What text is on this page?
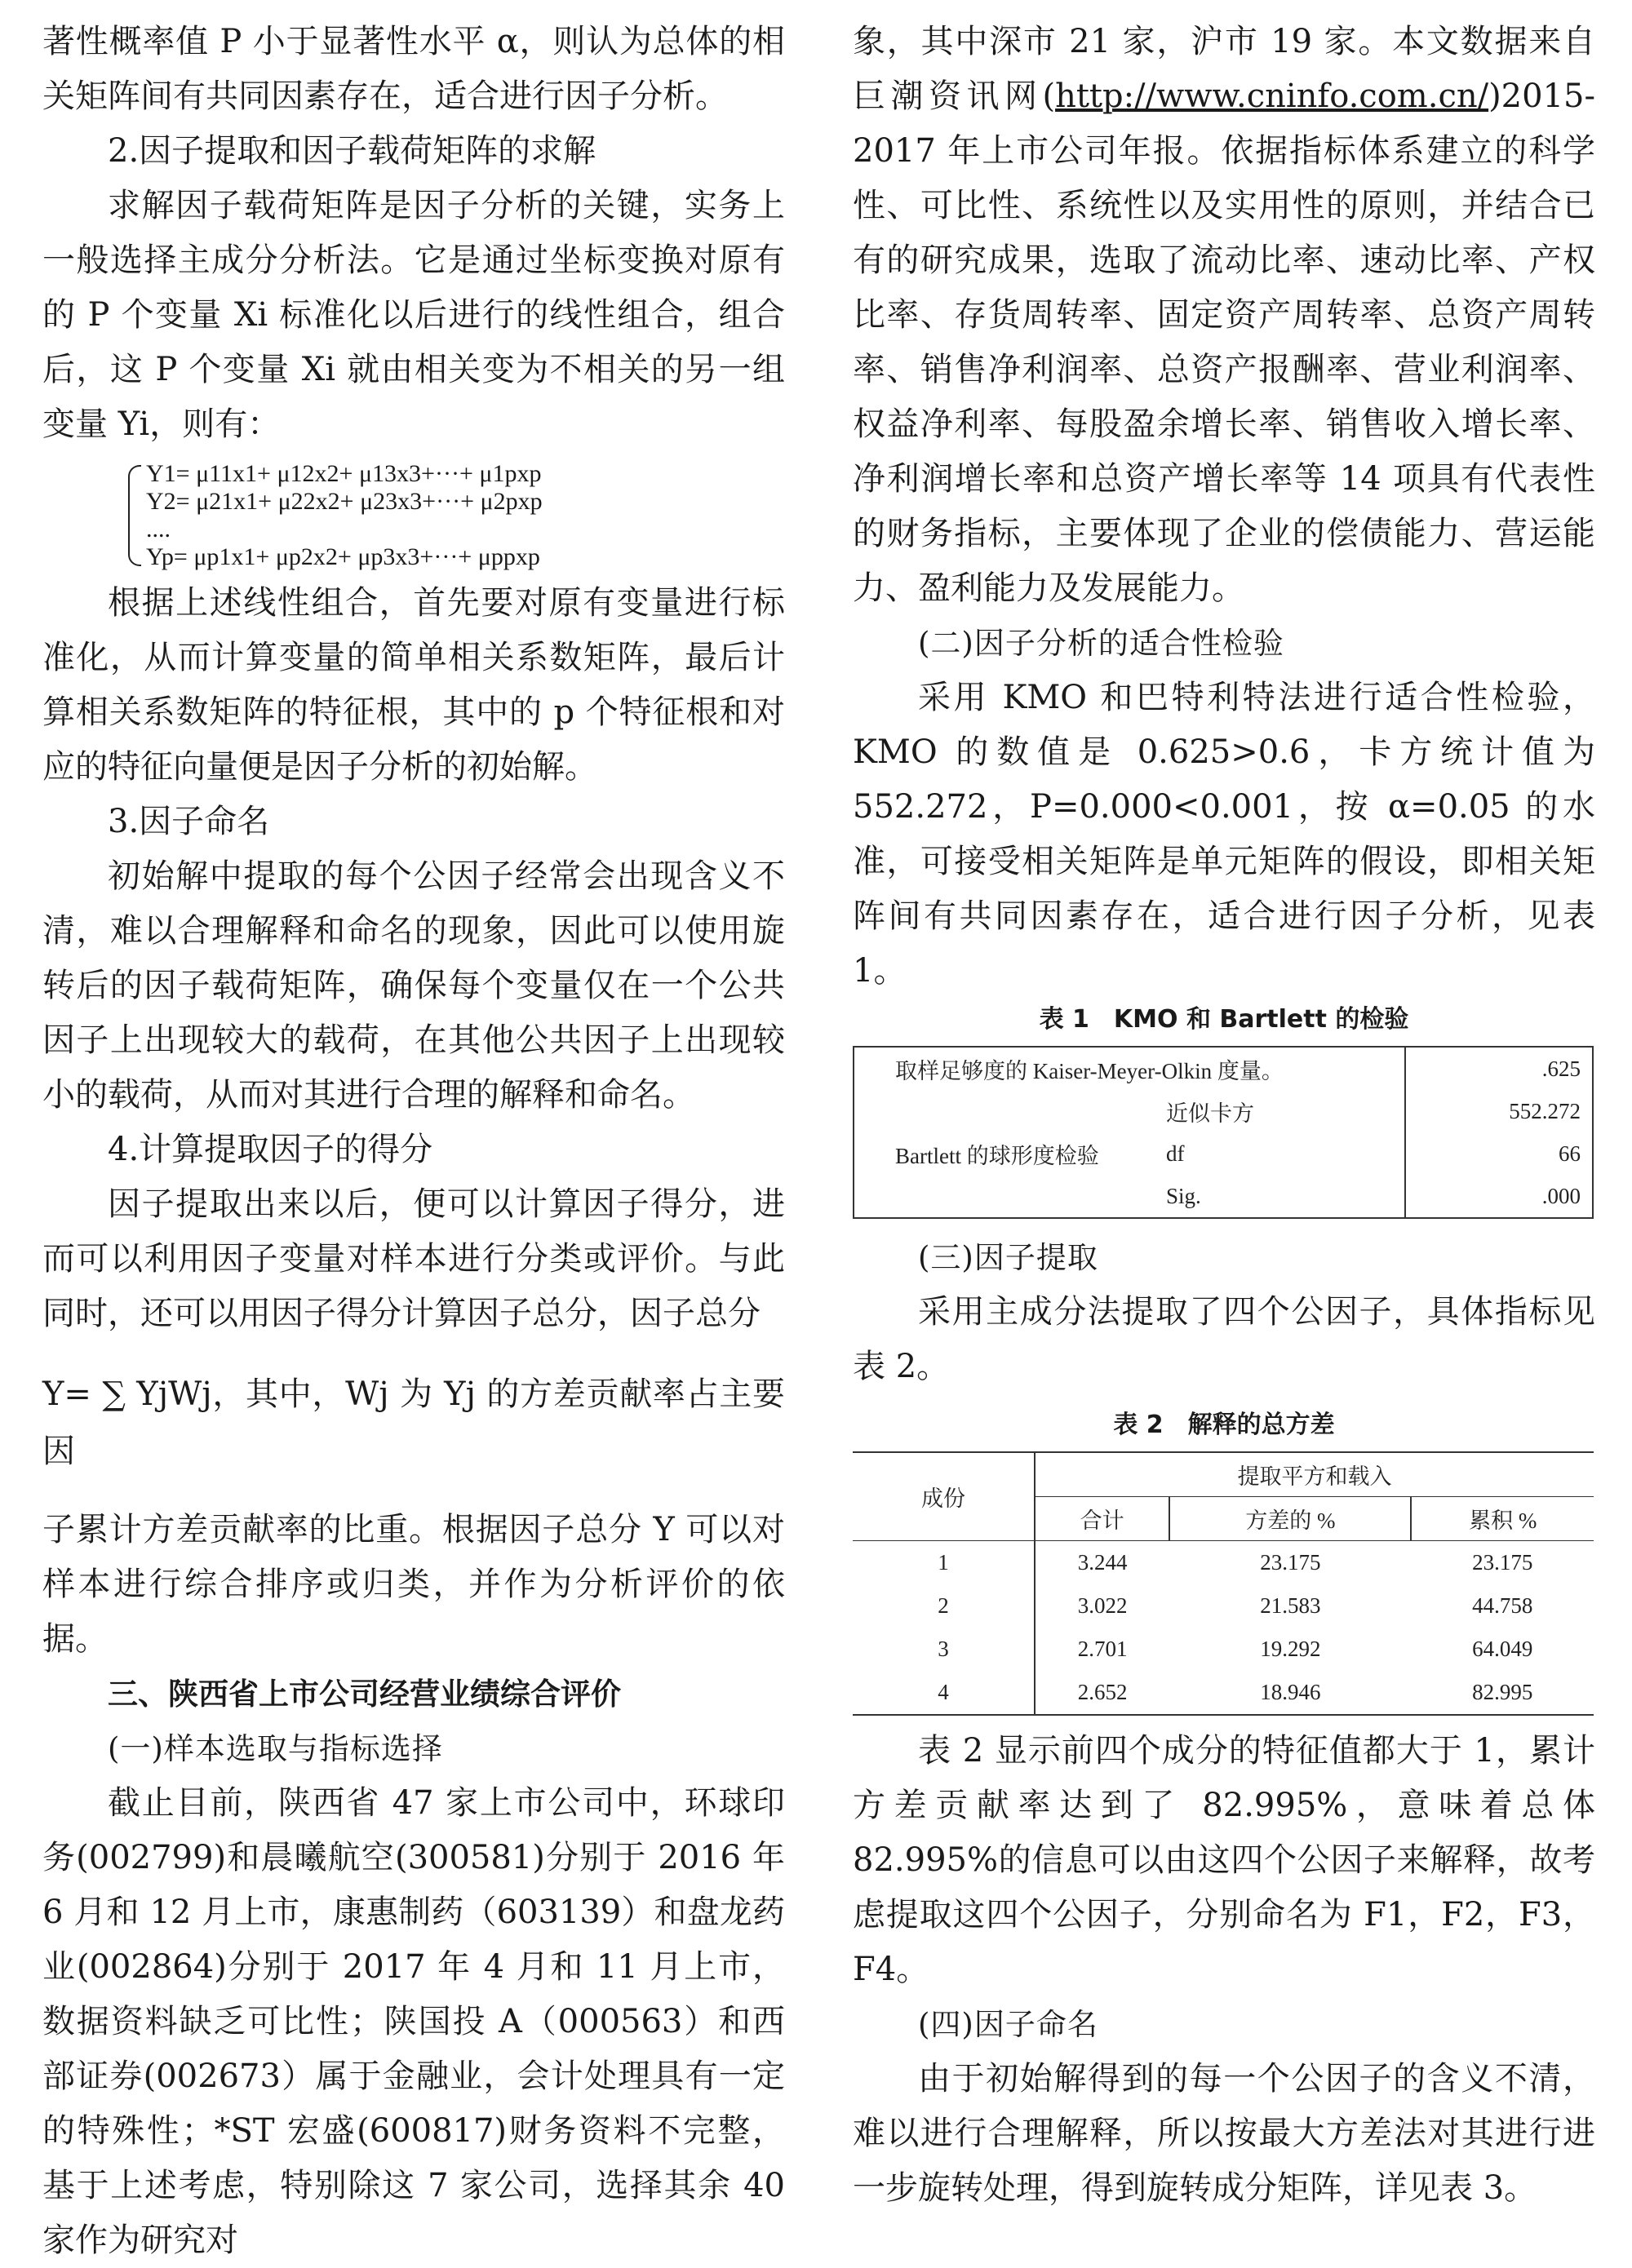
著性概率值 P 小于显著性水平 α，则认为总体的相关矩阵间有共同因素存在，适合进行因子分析。

2.因子提取和因子载荷矩阵的求解

求解因子载荷矩阵是因子分析的关键，实务上一般选择主成分分析法。它是通过坐标变换对原有的 P 个变量 Xi 标准化以后进行的线性组合，组合后，这 P 个变量 Xi 就由相关变为不相关的另一组变量 Yi，则有：

Y1= μ11x1+ μ12x2+ μ13x3+···+ μ1pxp
Y2= μ21x1+ μ22x2+ μ23x3+···+ μ2pxp
....
Yp= μp1x1+ μp2x2+ μp3x3+···+ μppxp

根据上述线性组合，首先要对原有变量进行标准化，从而计算变量的简单相关系数矩阵，最后计算相关系数矩阵的特征根，其中的 p 个特征根和对应的特征向量便是因子分析的初始解。

3.因子命名

初始解中提取的每个公因子经常会出现含义不清，难以合理解释和命名的现象，因此可以使用旋转后的因子载荷矩阵，确保每个变量仅在一个公共因子上出现较大的载荷，在其他公共因子上出现较小的载荷，从而对其进行合理的解释和命名。

4.计算提取因子的得分

因子提取出来以后，便可以计算因子得分，进而可以利用因子变量对样本进行分类或评价。与此同时，还可以用因子得分计算因子总分，因子总分

Y= ∑ YjWj，其中，Wj 为 Yj 的方差贡献率占主要因

子累计方差贡献率的比重。根据因子总分 Y 可以对样本进行综合排序或归类，并作为分析评价的依据。

三、陕西省上市公司经营业绩综合评价
(一)样本选取与指标选择

截止目前，陕西省 47 家上市公司中，环球印务(002799)和晨曦航空(300581)分别于 2016 年 6 月和 12 月上市，康惠制药（603139）和盘龙药业(002864)分别于 2017 年 4 月和 11 月上市，数据资料缺乏可比性；陕国投 A（000563）和西部证券(002673）属于金融业，会计处理具有一定的特殊性；*ST 宏盛(600817)财务资料不完整，基于上述考虑，特别除这 7 家公司，选择其余 40 家作为研究对

象，其中深市 21 家，沪市 19 家。本文数据来自巨潮资讯网(http://www.cninfo.com.cn/)2015-2017 年上市公司年报。依据指标体系建立的科学性、可比性、系统性以及实用性的原则，并结合已有的研究成果，选取了流动比率、速动比率、产权比率、存货周转率、固定资产周转率、总资产周转率、销售净利润率、总资产报酬率、营业利润率、权益净利率、每股盈余增长率、销售收入增长率、净利润增长率和总资产增长率等 14 项具有代表性的财务指标，主要体现了企业的偿债能力、营运能力、盈利能力及发展能力。

(二)因子分析的适合性检验

采用 KMO 和巴特利特法进行适合性检验，KMO 的数值是 0.625>0.6，卡方统计值为 552.272，P=0.000<0.001，按 α=0.05 的水准，可接受相关矩阵是单元矩阵的假设，即相关矩阵间有共同因素存在，适合进行因子分析，见表 1。

表 1　KMO 和 Bartlett 的检验
取样足够度的 Kaiser-Meyer-Olkin 度量。		.625
	近似卡方	552.272
Bartlett 的球形度检验	df	66
	Sig.	.000
(三)因子提取

采用主成分法提取了四个公因子，具体指标见表 2。

表 2　解释的总方差
成份	提取平方和载入		
	合计	方差的 %	累积 %
1	3.244	23.175	23.175
2	3.022	21.583	44.758
3	2.701	19.292	64.049
4	2.652	18.946	82.995

表 2 显示前四个成分的特征值都大于 1，累计方差贡献率达到了 82.995%，意味着总体 82.995%的信息可以由这四个公因子来解释，故考虑提取这四个公因子，分别命名为 F1，F2，F3，F4。

(四)因子命名

由于初始解得到的每一个公因子的含义不清，难以进行合理解释，所以按最大方差法对其进行进一步旋转处理，得到旋转成分矩阵，详见表 3。
